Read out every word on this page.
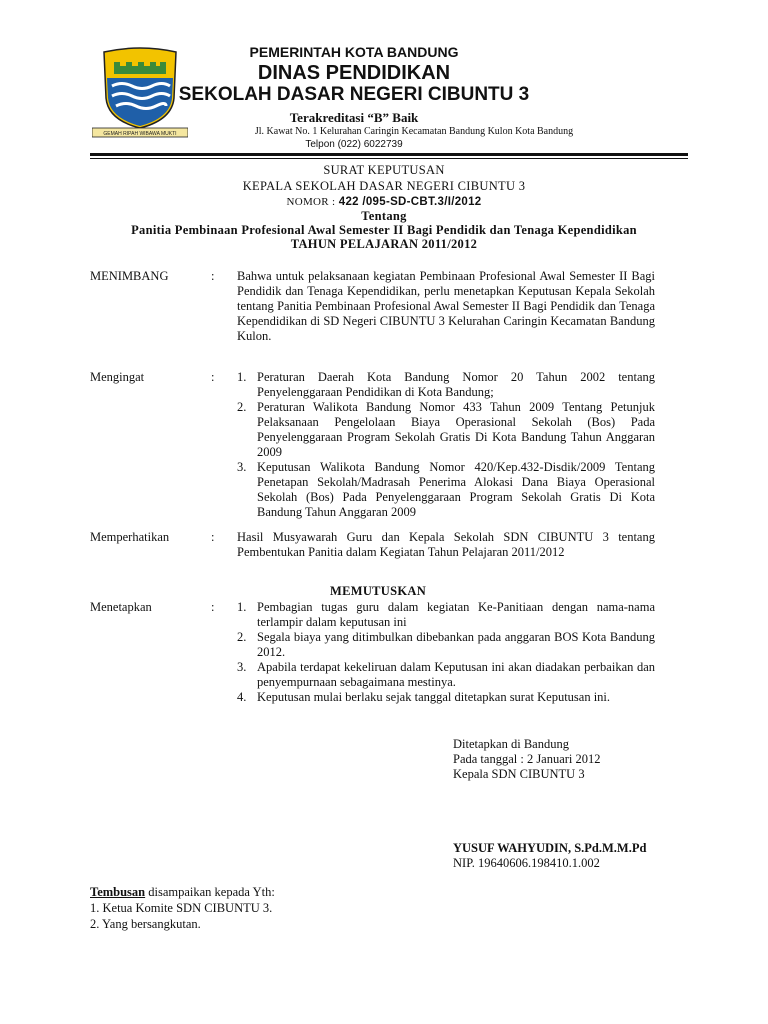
GEMAH RIPAH WIBAWA MUKTI
PEMERINTAH KOTA BANDUNG
DINAS PENDIDIKAN
SEKOLAH DASAR NEGERI CIBUNTU 3
Terakreditasi “B” Baik
Jl. Kawat No. 1 Kelurahan Caringin Kecamatan Bandung Kulon Kota Bandung
Telpon (022) 6022739
SURAT KEPUTUSAN
KEPALA SEKOLAH DASAR NEGERI CIBUNTU 3
NOMOR : 422 /095-SD-CBT.3/I/2012
Tentang
Panitia Pembinaan Profesional Awal Semester II Bagi Pendidik dan Tenaga Kependidikan
TAHUN PELAJARAN 2011/2012
MENIMBANG	: Bahwa untuk pelaksanaan kegiatan Pembinaan Profesional Awal Semester II Bagi Pendidik dan Tenaga Kependidikan, perlu menetapkan Keputusan Kepala Sekolah tentang Panitia Pembinaan Profesional Awal Semester II Bagi Pendidik dan Tenaga Kependidikan di SD Negeri CIBUNTU 3 Kelurahan Caringin Kecamatan Bandung Kulon.
Mengingat	: 1. Peraturan Daerah Kota Bandung Nomor 20 Tahun 2002 tentang Penyelenggaraan Pendidikan di Kota Bandung;
2. Peraturan Walikota Bandung Nomor 433 Tahun 2009 Tentang Petunjuk Pelaksanaan Pengelolaan Biaya Operasional Sekolah (Bos) Pada Penyelenggaraan Program Sekolah Gratis Di Kota Bandung Tahun Anggaran 2009
3. Keputusan Walikota Bandung Nomor 420/Kep.432-Disdik/2009 Tentang Penetapan Sekolah/Madrasah Penerima Alokasi Dana Biaya Operasional Sekolah (Bos) Pada Penyelenggaraan Program Sekolah Gratis Di Kota Bandung Tahun Anggaran 2009
Memperhatikan	: Hasil Musyawarah Guru dan Kepala Sekolah SDN CIBUNTU 3 tentang Pembentukan Panitia dalam Kegiatan Tahun Pelajaran 2011/2012
MEMUTUSKAN
Menetapkan	: 1. Pembagian tugas guru dalam kegiatan Ke-Panitiaan dengan nama-nama terlampir dalam keputusan ini
2. Segala biaya yang ditimbulkan dibebankan pada anggaran BOS Kota Bandung 2012.
3. Apabila terdapat kekeliruan dalam Keputusan ini akan diadakan perbaikan dan penyempurnaan sebagaimana mestinya.
4. Keputusan mulai berlaku sejak tanggal ditetapkan surat Keputusan ini.
Ditetapkan di Bandung
Pada tanggal : 2 Januari 2012
Kepala SDN CIBUNTU 3
YUSUF WAHYUDIN, S.Pd.M.M.Pd
NIP. 19640606.198410.1.002
Tembusan disampaikan kepada Yth:
1. Ketua Komite SDN CIBUNTU 3.
2. Yang bersangkutan.
